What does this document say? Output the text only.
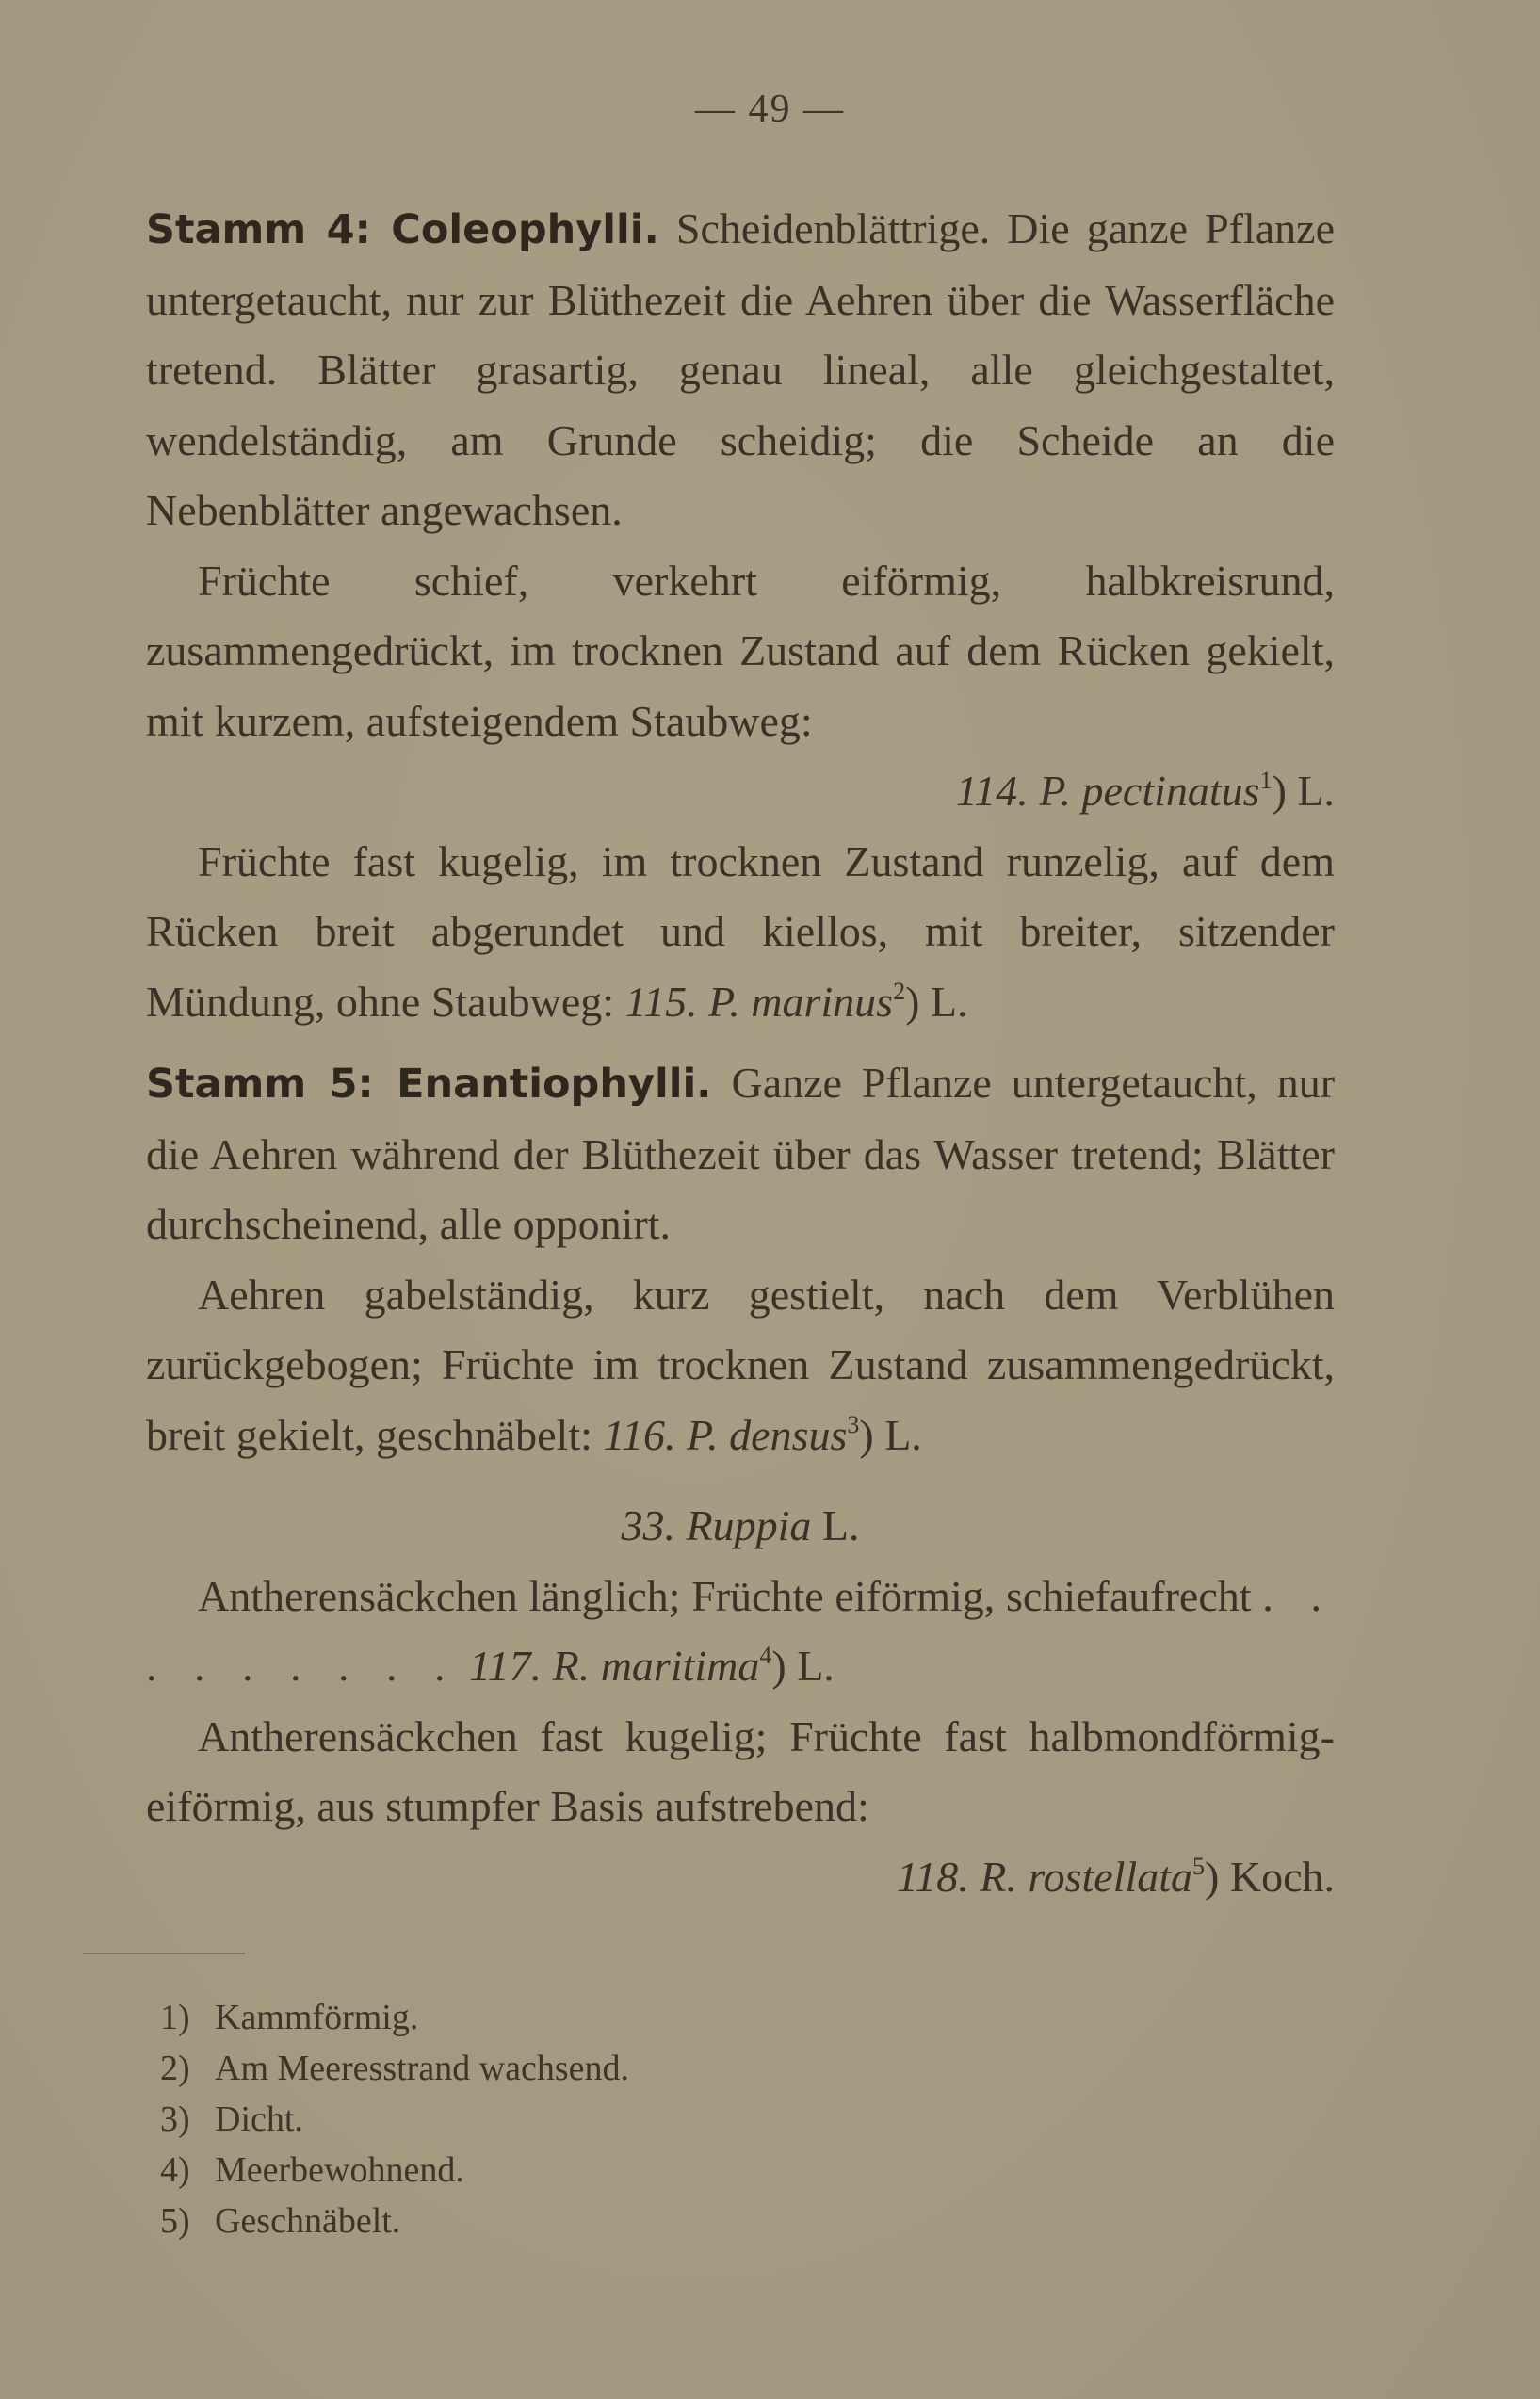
— 49 —

Stamm 4: Coleophylli. Scheidenblättrige. Die ganze Pflanze untergetaucht, nur zur Blüthezeit die Aehren über die Wasserfläche tretend. Blätter grasartig, genau lineal, alle gleichgestaltet, wendelständig, am Grunde scheidig; die Scheide an die Nebenblätter angewachsen.

Früchte schief, verkehrt eiförmig, halbkreisrund, zusammengedrückt, im trocknen Zustand auf dem Rücken gekielt, mit kurzem, aufsteigendem Staubweg:

114. P. pectinatus$^1$) L.

Früchte fast kugelig, im trocknen Zustand runzelig, auf dem Rücken breit abgerundet und kiellos, mit breiter, sitzender Mündung, ohne Staubweg: 115. P. marinus$^2$) L.

Stamm 5: Enantiophylli. Ganze Pflanze untergetaucht, nur die Aehren während der Blüthezeit über das Wasser tretend; Blätter durchscheinend, alle opponirt.

Aehren gabelständig, kurz gestielt, nach dem Verblühen zurückgebogen; Früchte im trocknen Zustand zusammengedrückt, breit gekielt, geschnäbelt: 116. P. densus$^3$) L.

33. Ruppia L.

Antherensäckchen länglich; Früchte eiförmig, schiefaufrecht . . . . . . . . . 117. R. maritima$^4$) L.

Antherensäckchen fast kugelig; Früchte fast halbmondförmig-eiförmig, aus stumpfer Basis aufstrebend:

118. R. rostellata$^5$) Koch.

1) Kammförmig.
2) Am Meeresstrand wachsend.
3) Dicht.
4) Meerbewohnend.
5) Geschnäbelt.
